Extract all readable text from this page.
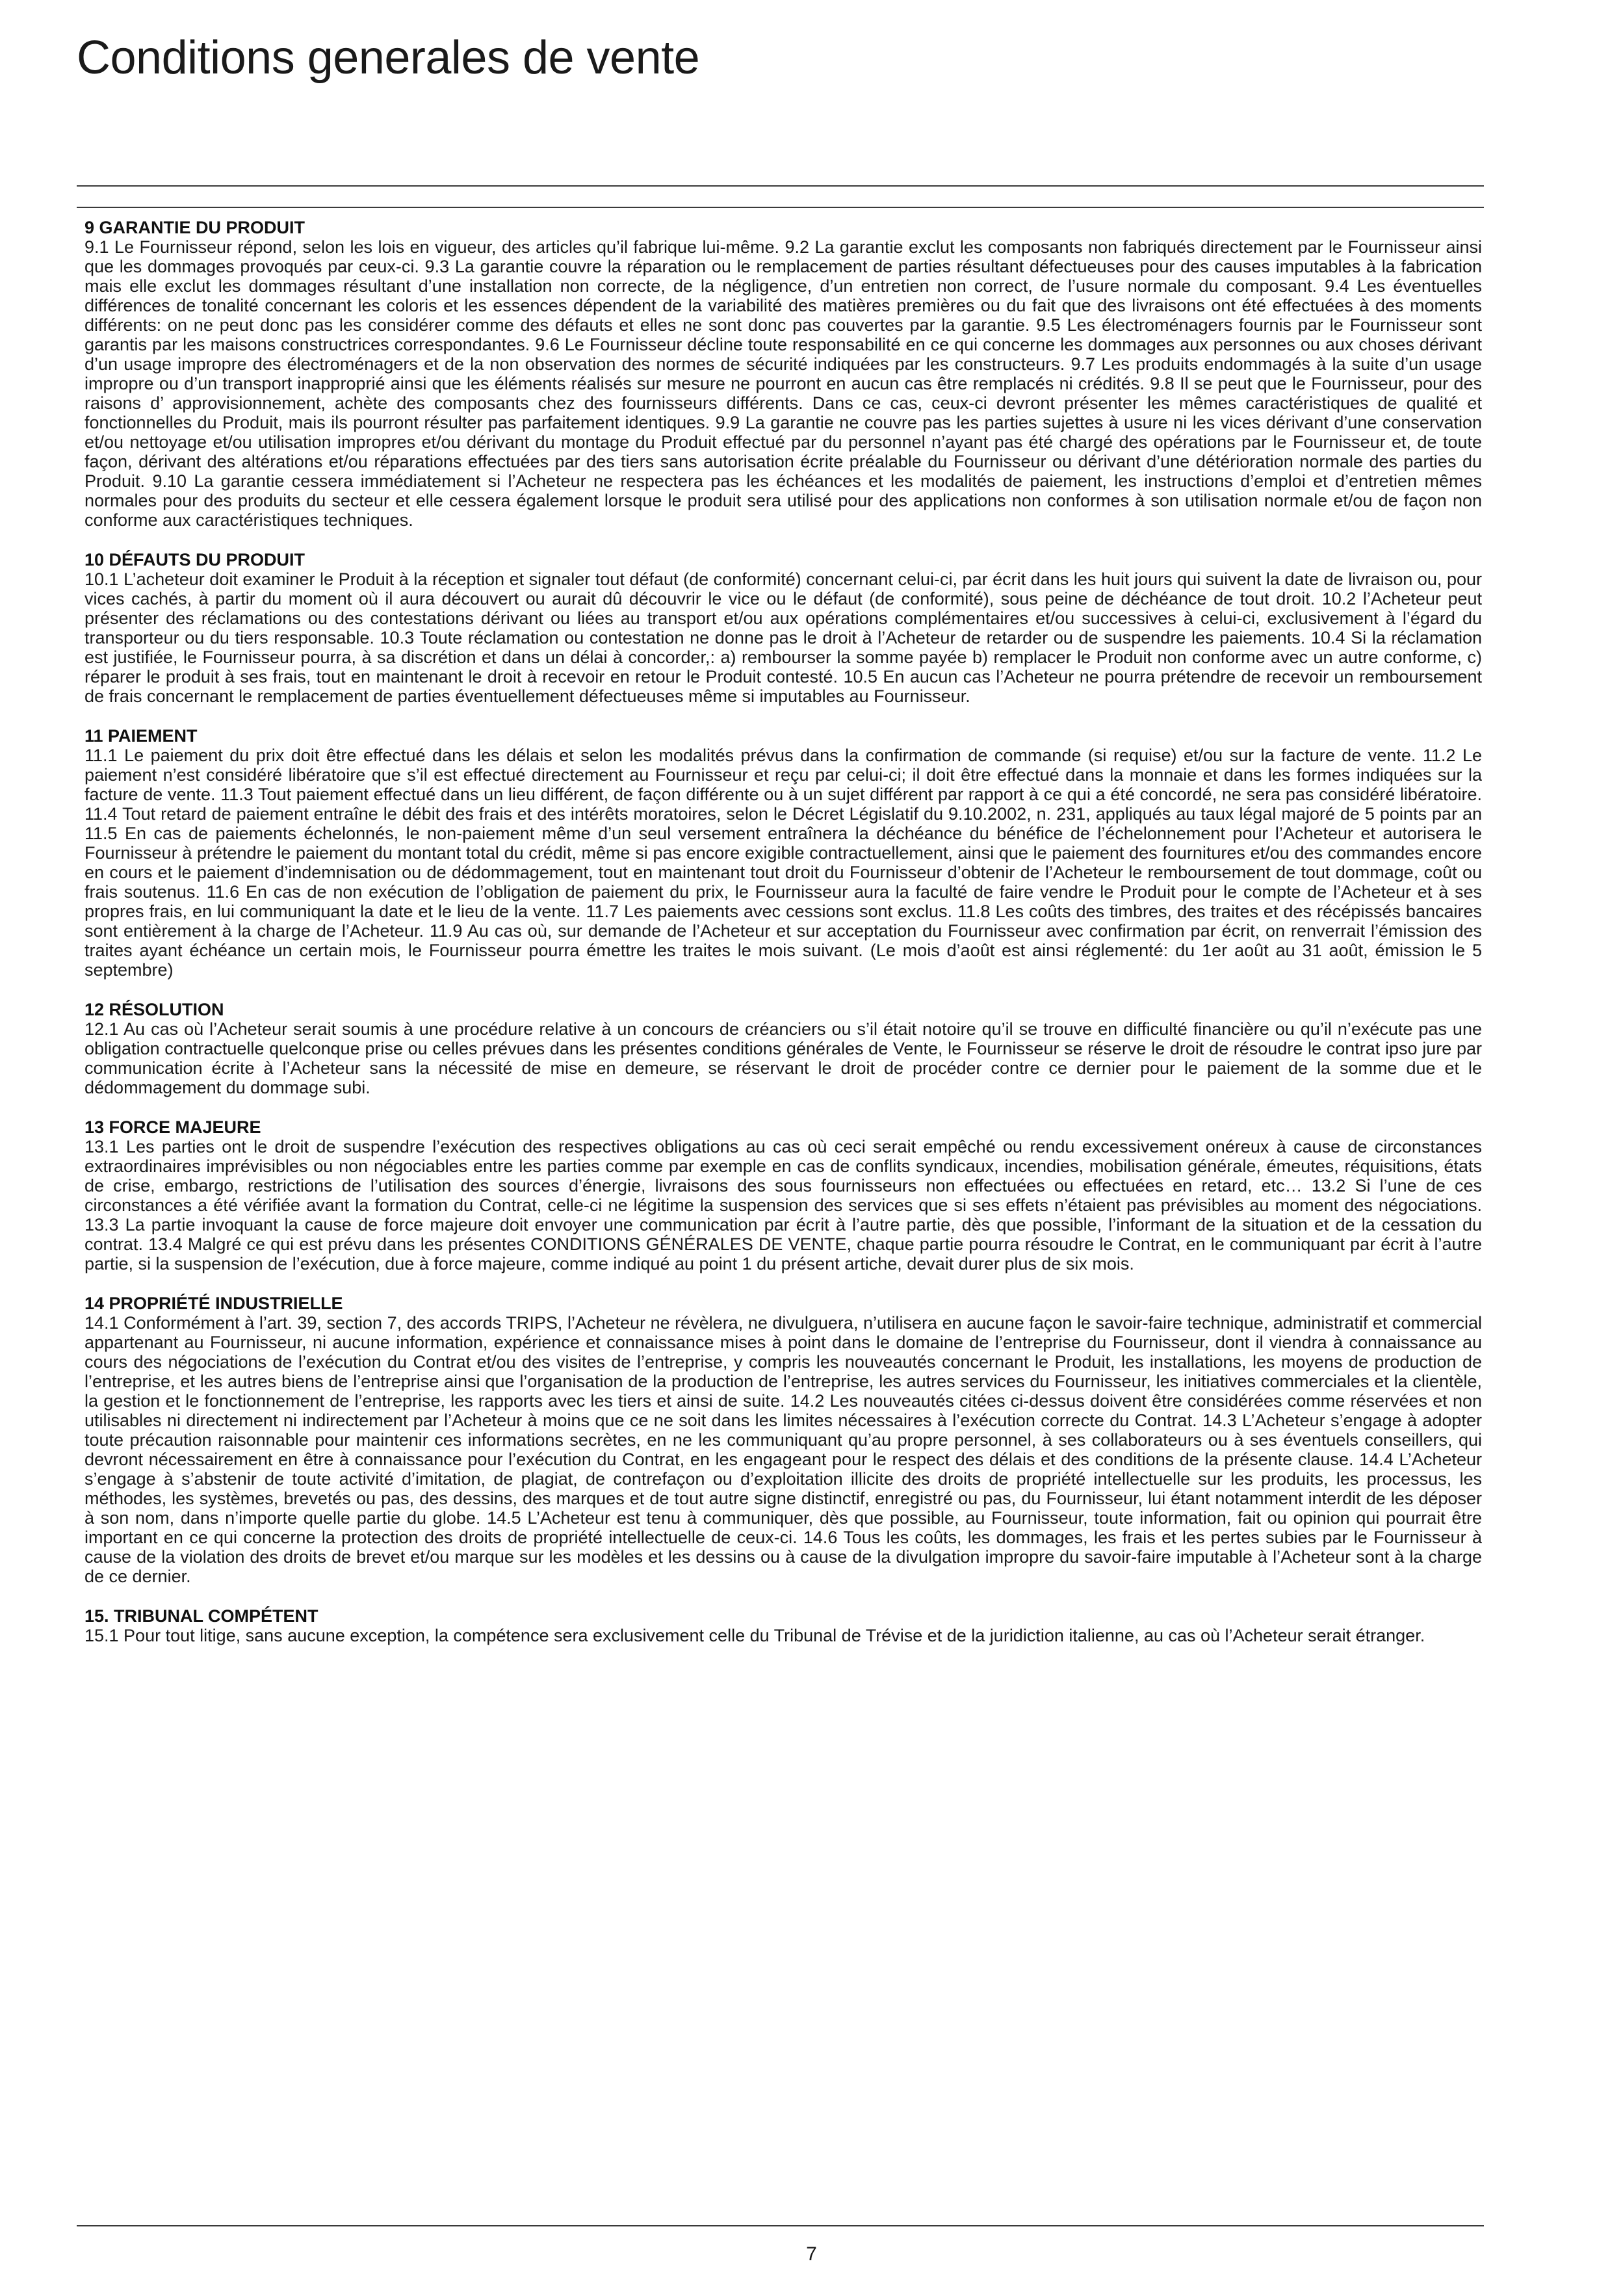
Conditions generales de vente
9 GARANTIE DU PRODUIT

9.1 Le Fournisseur répond, selon les lois en vigueur, des articles qu’il fabrique lui-même. 9.2 La garantie exclut les composants non fabriqués directement par le Fournisseur ainsi que les dommages provoqués par ceux-ci. 9.3 La garantie couvre la réparation ou le remplacement de parties résultant défectueuses pour des causes imputables à la fabrication mais elle exclut les dommages résultant d’une installation non correcte, de la négligence, d’un entretien non correct, de l’usure normale du composant. 9.4 Les éventuelles différences de tonalité concernant les coloris et les essences dépendent de la variabilité des matières premières ou du fait que des livraisons ont été effectuées à des moments différents: on ne peut donc pas les considérer comme des défauts et elles ne sont donc pas couvertes par la garantie. 9.5 Les électroménagers fournis par le Fournisseur sont garantis par les maisons constructrices correspondantes. 9.6 Le Fournisseur décline toute responsabilité en ce qui concerne les dommages aux personnes ou aux choses dérivant d’un usage impropre des électroménagers et de la non observation des normes de sécurité indiquées par les constructeurs. 9.7 Les produits endommagés à la suite d’un usage impropre ou d’un transport inapproprié ainsi que les éléments réalisés sur mesure ne pourront en aucun cas être remplacés ni crédités. 9.8 Il se peut que le Fournisseur, pour des raisons d’ approvisionnement, achète des composants chez des fournisseurs différents. Dans ce cas, ceux-ci devront présenter les mêmes caractéristiques de qualité et fonctionnelles du Produit, mais ils pourront résulter pas parfaitement identiques. 9.9 La garantie ne couvre pas les parties sujettes à usure ni les vices dérivant d’une conservation et/ou nettoyage et/ou utilisation impropres et/ou dérivant du montage du Produit effectué par du personnel n’ayant pas été chargé des opérations par le Fournisseur et, de toute façon, dérivant des altérations et/ou réparations effectuées par des tiers sans autorisation écrite préalable du Fournisseur ou dérivant d’une détérioration normale des parties du Produit. 9.10 La garantie cessera immédiatement si l’Acheteur ne respectera pas les échéances et les modalités de paiement, les instructions d’emploi et d’entretien mêmes normales pour des produits du secteur et elle cessera également lorsque le produit sera utilisé pour des applications non conformes à son utilisation normale et/ou de façon non conforme aux caractéristiques techniques.

10 DÉFAUTS DU PRODUIT

10.1 L’acheteur doit examiner le Produit à la réception et signaler tout défaut (de conformité) concernant celui-ci, par écrit dans les huit jours qui suivent la date de livraison ou, pour vices cachés, à partir du moment où il aura découvert ou aurait dû découvrir le vice ou le défaut (de conformité), sous peine de déchéance de tout droit. 10.2 l’Acheteur peut présenter des réclamations ou des contestations dérivant ou liées au transport et/ou aux opérations complémentaires et/ou successives à celui-ci, exclusivement à l’égard du transporteur ou du tiers responsable. 10.3 Toute réclamation ou contestation ne donne pas le droit à l’Acheteur de retarder ou de suspendre les paiements. 10.4 Si la réclamation est justifiée, le Fournisseur pourra, à sa discrétion et dans un délai à concorder,: a) rembourser la somme payée b) remplacer le Produit non conforme avec un autre conforme, c) réparer le produit à ses frais, tout en maintenant le droit à recevoir en retour le Produit contesté. 10.5 En aucun cas l’Acheteur ne pourra prétendre de recevoir un remboursement de frais concernant le remplacement de parties éventuellement défectueuses même si imputables au Fournisseur.

11 PAIEMENT

11.1 Le paiement du prix doit être effectué dans les délais et selon les modalités prévus dans la confirmation de commande (si requise) et/ou sur la facture de vente. 11.2 Le paiement n’est considéré libératoire que s’il est effectué directement au Fournisseur et reçu par celui-ci; il doit être effectué dans la monnaie et dans les formes indiquées sur la facture de vente. 11.3 Tout paiement effectué dans un lieu différent, de façon différente ou à un sujet différent par rapport à ce qui a été concordé, ne sera pas considéré libératoire. 11.4 Tout retard de paiement entraîne le débit des frais et des intérêts moratoires, selon le Décret Législatif du 9.10.2002, n. 231, appliqués au taux légal majoré de 5 points par an 11.5 En cas de paiements échelonnés, le non-paiement même d’un seul versement entraînera la déchéance du bénéfice de l’échelonnement pour l’Acheteur et autorisera le Fournisseur à prétendre le paiement du montant total du crédit, même si pas encore exigible contractuellement, ainsi que le paiement des fournitures et/ou des commandes encore en cours et le paiement d’indemnisation ou de dédommagement, tout en maintenant tout droit du Fournisseur d’obtenir de l’Acheteur le remboursement de tout dommage, coût ou frais soutenus. 11.6 En cas de non exécution de l’obligation de paiement du prix, le Fournisseur aura la faculté de faire vendre le Produit pour le compte de l’Acheteur et à ses propres frais, en lui communiquant la date et le lieu de la vente. 11.7 Les paiements avec cessions sont exclus. 11.8 Les coûts des timbres, des traites et des récépissés bancaires sont entièrement à la charge de l’Acheteur. 11.9 Au cas où, sur demande de l’Acheteur et sur acceptation du Fournisseur avec confirmation par écrit, on renverrait l’émission des traites ayant échéance un certain mois, le Fournisseur pourra émettre les traites le mois suivant. (Le mois d’août est ainsi réglementé: du 1er août au 31 août, émission le 5 septembre)

12 RÉSOLUTION

12.1 Au cas où l’Acheteur serait soumis à une procédure relative à un concours de créanciers ou s’il était notoire qu’il se trouve en difficulté financière ou qu’il n’exécute pas une obligation contractuelle quelconque prise ou celles prévues dans les présentes conditions générales de Vente, le Fournisseur se réserve le droit de résoudre le contrat ipso jure par communication écrite à l’Acheteur sans la nécessité de mise en demeure, se réservant le droit de procéder contre ce dernier pour le paiement de la somme due et le dédommagement du dommage subi.

13 FORCE MAJEURE

13.1 Les parties ont le droit de suspendre l’exécution des respectives obligations au cas où ceci serait empêché ou rendu excessivement onéreux à cause de circonstances extraordinaires imprévisibles ou non négociables entre les parties comme par exemple en cas de conflits syndicaux, incendies, mobilisation générale, émeutes, réquisitions, états de crise, embargo, restrictions de l’utilisation des sources d’énergie, livraisons des sous fournisseurs non effectuées ou effectuées en retard, etc… 13.2 Si l’une de ces circonstances a été vérifiée avant la formation du Contrat, celle-ci ne légitime la suspension des services que si ses effets n’étaient pas prévisibles au moment des négociations. 13.3 La partie invoquant la cause de force majeure doit envoyer une communication par écrit à l’autre partie, dès que possible, l’informant de la situation et de la cessation du contrat. 13.4 Malgré ce qui est prévu dans les présentes CONDITIONS GÉNÉRALES DE VENTE, chaque partie pourra résoudre le Contrat, en le communiquant par écrit à l’autre partie, si la suspension de l’exécution, due à force majeure, comme indiqué au point 1 du présent artiche, devait durer plus de six mois.

14 PROPRIÉTÉ INDUSTRIELLE

14.1 Conformément à l’art. 39, section 7, des accords TRIPS, l’Acheteur ne révèlera, ne divulguera, n’utilisera en aucune façon le savoir-faire technique, administratif et commercial appartenant au Fournisseur, ni aucune information, expérience et connaissance mises à point dans le domaine de l’entreprise du Fournisseur, dont il viendra à connaissance au cours des négociations de l’exécution du Contrat et/ou des visites de l’entreprise, y compris les nouveautés concernant le Produit, les installations, les moyens de production de l’entreprise, et les autres biens de l’entreprise ainsi que l’organisation de la production de l’entreprise, les autres services du Fournisseur, les initiatives commerciales et la clientèle, la gestion et le fonctionnement de l’entreprise, les rapports avec les tiers et ainsi de suite. 14.2 Les nouveautés citées ci-dessus doivent être considérées comme réservées et non utilisables ni directement ni indirectement par l’Acheteur à moins que ce ne soit dans les limites nécessaires à l’exécution correcte du Contrat. 14.3 L’Acheteur s’engage à adopter toute précaution raisonnable pour maintenir ces informations secrètes, en ne les communiquant qu’au propre personnel, à ses collaborateurs ou à ses éventuels conseillers, qui devront nécessairement en être à connaissance pour l’exécution du Contrat, en les engageant pour le respect des délais et des conditions de la présente clause. 14.4 L’Acheteur s’engage à s’abstenir de toute activité d’imitation, de plagiat, de contrefaçon ou d’exploitation illicite des droits de propriété intellectuelle sur les produits, les processus, les méthodes, les systèmes, brevetés ou pas, des dessins, des marques et de tout autre signe distinctif, enregistré ou pas, du Fournisseur, lui étant notamment interdit de les déposer à son nom, dans n’importe quelle partie du globe. 14.5 L’Acheteur est tenu à communiquer, dès que possible, au Fournisseur, toute information, fait ou opinion qui pourrait être important en ce qui concerne la protection des droits de propriété intellectuelle de ceux-ci. 14.6 Tous les coûts, les dommages, les frais et les pertes subies par le Fournisseur à cause de la violation des droits de brevet et/ou marque sur les modèles et les dessins ou à cause de la divulgation impropre du savoir-faire imputable à l’Acheteur sont à la charge de ce dernier.

15. TRIBUNAL COMPÉTENT

15.1 Pour tout litige, sans aucune exception, la compétence sera exclusivement celle du Tribunal de Trévise et de la juridiction italienne, au cas où l’Acheteur serait étranger.

7
